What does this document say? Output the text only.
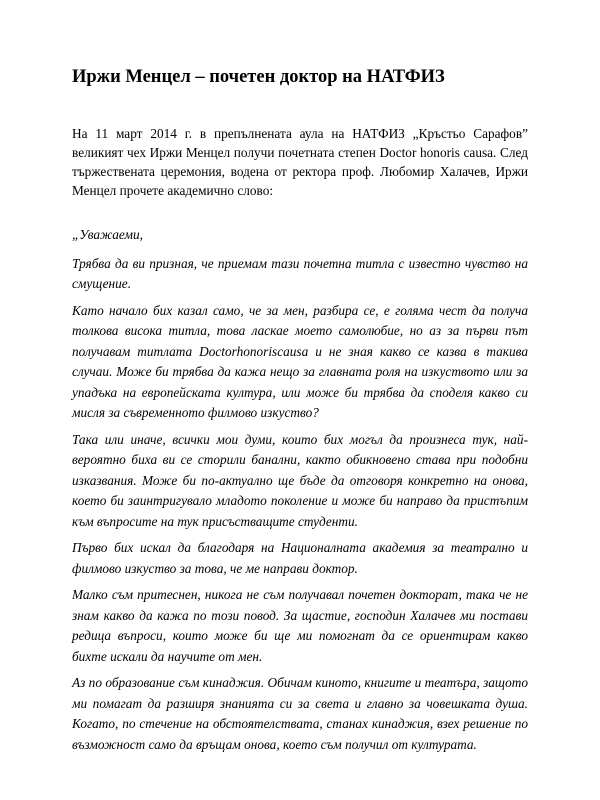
Иржи Менцел – почетен доктор на НАТФИЗ

На 11 март 2014 г. в препълнената аула на НАТФИЗ „Кръстьо Сарафов” великият чех Иржи Менцел получи почетната степен Doctor honoris causa. След тържествената церемония, водена от ректора проф. Любомир Халачев, Иржи Менцел прочете академично слово:

„Уважаеми,

Трябва да ви призная, че приемам тази почетна титла с известно чувство на смущение.

Като начало бих казал само, че за мен, разбира се, е голяма чест да получа толкова висока титла, това ласкае моето самолюбие, но аз за първи път получавам титлата Doctorhonoriscausa и не зная какво се казва в такива случаи. Може би трябва да кажа нещо за главната роля на изкуството или за упадъка на европейската култура, или може би трябва да споделя какво си мисля за съвременното филмово изкуство?

Така или иначе, всички мои думи, които бих могъл да произнеса тук, най-вероятно биха ви се сторили банални, както обикновено става при подобни изказвания. Може би по-актуално ще бъде да отговоря конкретно на онова, което би заинтригувало младото поколение и може би направо да пристъпим към въпросите на тук присъстващите студенти.

Първо бих искал да благодаря на Националната академия за театрално и филмово изкуство за това, че ме направи доктор.

Малко съм притеснен, никога не съм получавал почетен докторат, така че не знам какво да кажа по този повод. За щастие, господин Халачев ми постави редица въпроси, които може би ще ми помогнат да се ориентирам какво бихте искали да научите от мен.

Аз по образование съм кинаджия. Обичам киното, книгите и театъра, защото ми помагат да разширя знанията си за света и главно за човешката душа. Когато, по стечение на обстоятелствата, станах кинаджия, взех решение по възможност само да връщам онова, което съм получил от културата.
